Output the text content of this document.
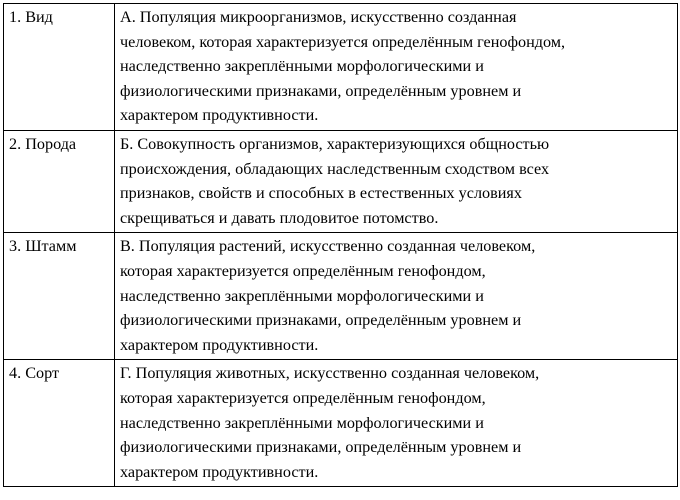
1. Вид	А. Популяция микроорганизмов, искусственно созданная
человеком, которая характеризуется определённым генофондом,
наследственно закреплёнными морфологическими и
физиологическими признаками, определённым уровнем и
характером продуктивности.

2. Порода	Б. Совокупность организмов, характеризующихся общностью
происхождения, обладающих наследственным сходством всех
признаков, свойств и способных в естественных условиях
скрещиваться и давать плодовитое потомство.

3. Штамм	В. Популяция растений, искусственно созданная человеком,
которая характеризуется определённым генофондом,
наследственно закреплёнными морфологическими и
физиологическими признаками, определённым уровнем и
характером продуктивности.

4. Сорт	Г. Популяция животных, искусственно созданная человеком,
которая характеризуется определённым генофондом,
наследственно закреплёнными морфологическими и
физиологическими признаками, определённым уровнем и
характером продуктивности.
